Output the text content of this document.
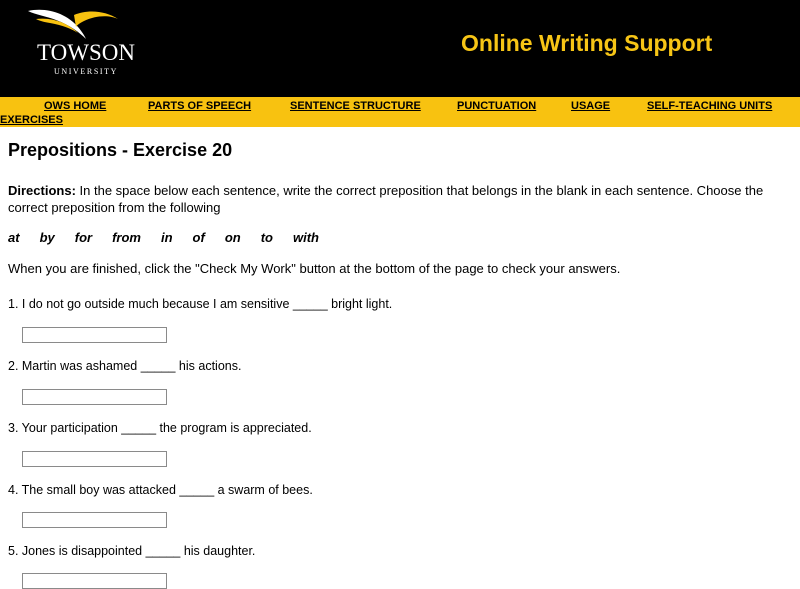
TOWSON
UNIVERSITY
Online Writing Support
OWS HOME	PARTS OF SPEECH	SENTENCE STRUCTURE	PUNCTUATION	USAGE	SELF-TEACHING UNITS
EXERCISES
Prepositions - Exercise 20
Directions: In the space below each sentence, write the correct preposition that belongs in the blank in each sentence. Choose the correct preposition from the following
at by for from in of on to with
When you are finished, click the "Check My Work" button at the bottom of the page to check your answers.
1. I do not go outside much because I am sensitive _____ bright light.
2. Martin was ashamed _____ his actions.
3. Your participation _____ the program is appreciated.
4. The small boy was attacked _____ a swarm of bees.
5. Jones is disappointed _____ his daughter.
